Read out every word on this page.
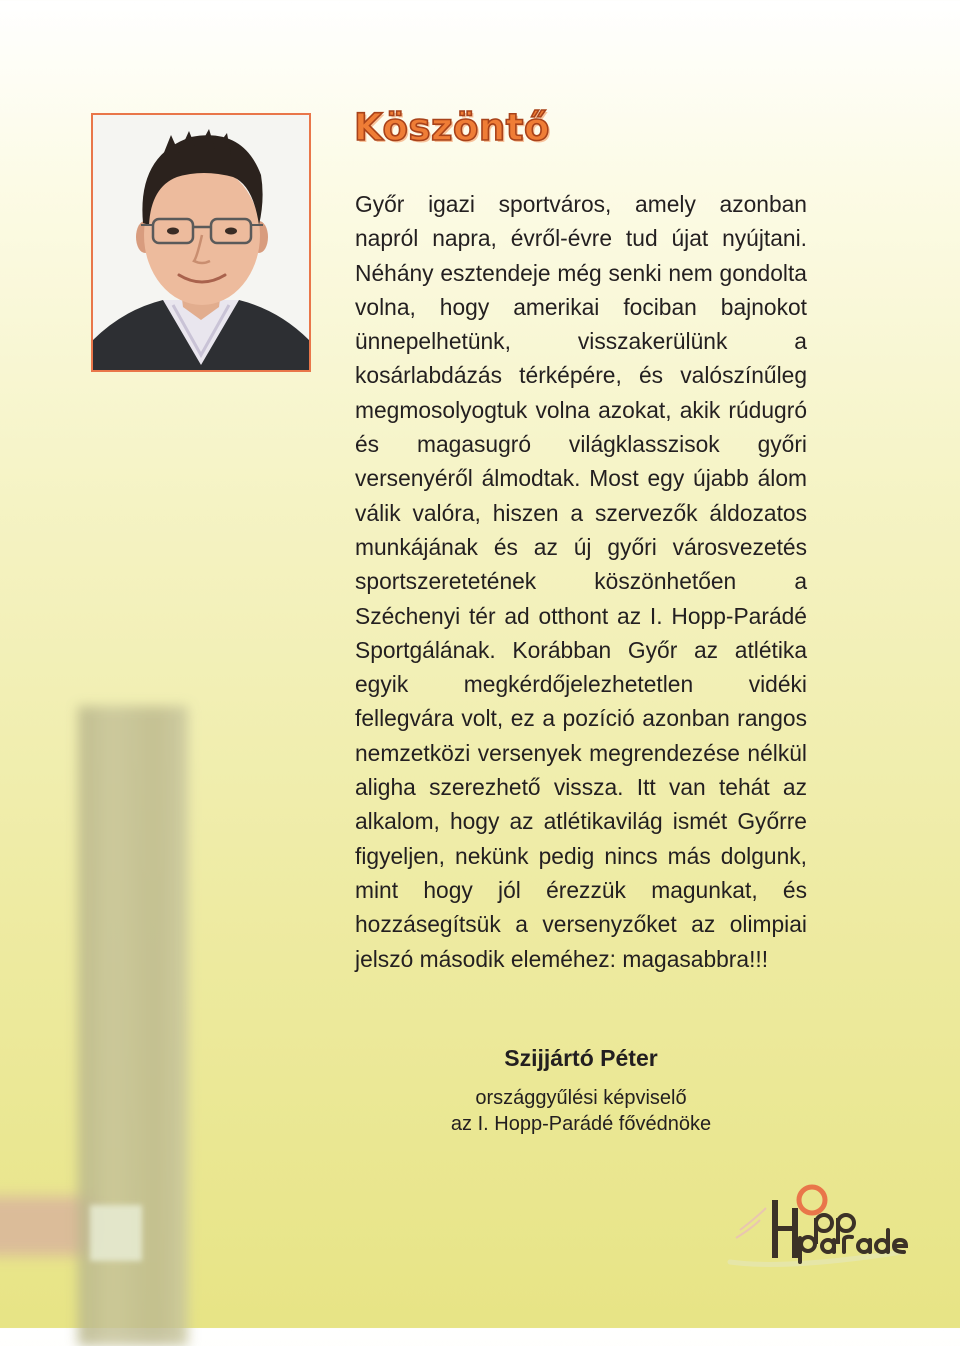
Köszöntő

Győr igazi sportváros, amely azonban napról napra, évről-évre tud újat nyújtani. Néhány esztendeje még senki nem gondolta volna, hogy amerikai fociban bajnokot ünnepelhetünk, visszakerülünk a kosárlabdázás térképére, és valószínűleg megmosolyogtuk volna azokat, akik rúdugró és magasugró világklasszisok győri versenyéről álmodtak. Most egy újabb álom válik valóra, hiszen a szervezők áldozatos munkájának és az új győri városvezetés sportszeretetének köszönhetően a Széchenyi tér ad otthont az I. Hopp-Parádé Sportgálának. Korábban Győr az atlétika egyik megkérdőjelezhetetlen vidéki fellegvára volt, ez a pozíció azonban rangos nemzetközi versenyek megrendezése nélkül aligha szerezhető vissza. Itt van tehát az alkalom, hogy az atlétikavilág ismét Győrre figyeljen, nekünk pedig nincs más dolgunk, mint hogy jól érezzük magunkat, és hozzásegítsük a versenyzőket az olimpiai jelszó második eleméhez: magasabbra!!!

Szijjártó Péter

országgyűlési képviselő

az I. Hopp-Parádé fővédnöke
